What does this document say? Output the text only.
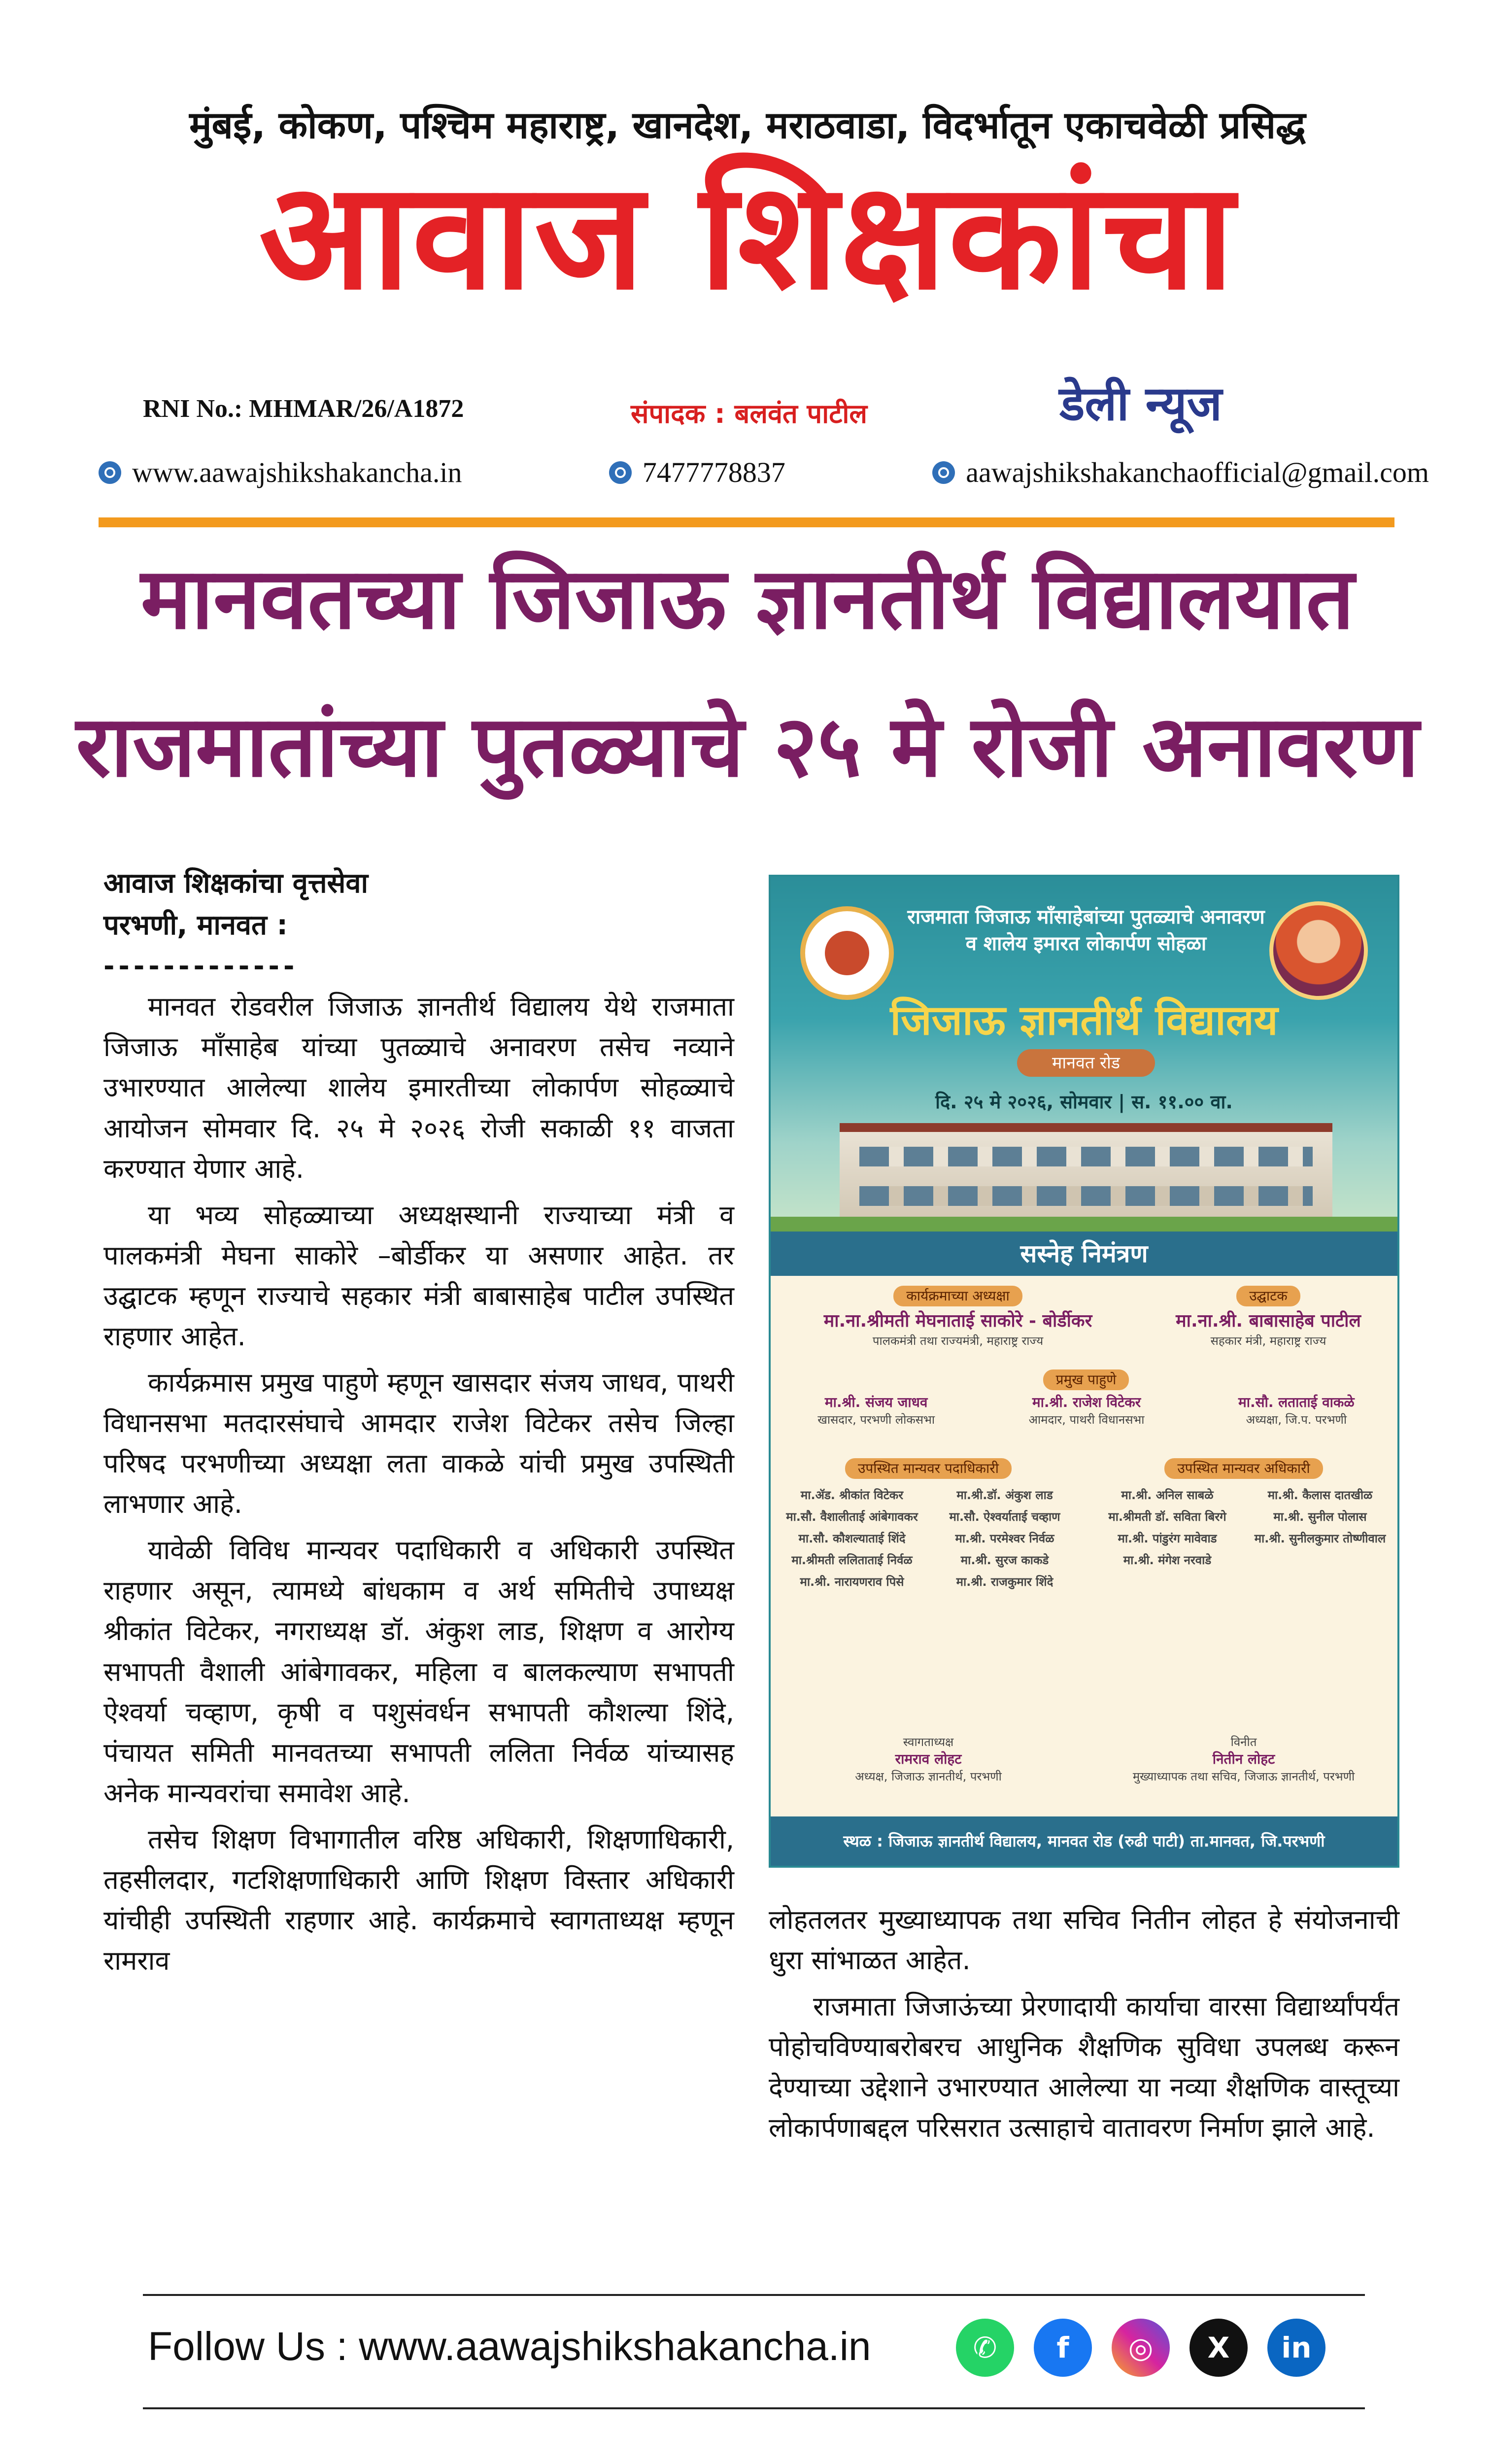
मुंबई, कोकण, पश्चिम महाराष्ट्र, खानदेश, मराठवाडा, विदर्भातून एकाचवेळी प्रसिद्ध
आवाज शिक्षकांचा
RNI No.: MHMAR/26/A1872	संपादक : बलवंत पाटील	डेली न्यूज
www.aawajshikshakancha.in	7477778837	aawajshikshakanchaofficial@gmail.com
मानवतच्या जिजाऊ ज्ञानतीर्थ विद्यालयात
राजमातांच्या पुतळ्याचे २५ मे रोजी अनावरण
आवाज शिक्षकांचा वृत्तसेवा
परभणी, मानवत :
-------------

मानवत रोडवरील जिजाऊ ज्ञानतीर्थ विद्यालय येथे राजमाता जिजाऊ माँसाहेब यांच्या पुतळ्याचे अनावरण तसेच नव्याने उभारण्यात आलेल्या शालेय इमारतीच्या लोकार्पण सोहळ्याचे आयोजन सोमवार दि. २५ मे २०२६ रोजी सकाळी ११ वाजता करण्यात येणार आहे.

या भव्य सोहळ्याच्या अध्यक्षस्थानी राज्याच्या मंत्री व पालकमंत्री मेघना साकोरे –बोर्डीकर या असणार आहेत. तर उद्घाटक म्हणून राज्याचे सहकार मंत्री बाबासाहेब पाटील उपस्थित राहणार आहेत.

कार्यक्रमास प्रमुख पाहुणे म्हणून खासदार संजय जाधव, पाथरी विधानसभा मतदारसंघाचे आमदार राजेश विटेकर तसेच जिल्हा परिषद परभणीच्या अध्यक्षा लता वाकळे यांची प्रमुख उपस्थिती लाभणार आहे.

यावेळी विविध मान्यवर पदाधिकारी व अधिकारी उपस्थित राहणार असून, त्यामध्ये बांधकाम व अर्थ समितीचे उपाध्यक्ष श्रीकांत विटेकर, नगराध्यक्ष डॉ. अंकुश लाड, शिक्षण व आरोग्य सभापती वैशाली आंबेगावकर, महिला व बालकल्याण सभापती ऐश्वर्या चव्हाण, कृषी व पशुसंवर्धन सभापती कौशल्या शिंदे, पंचायत समिती मानवतच्या सभापती ललिता निर्वळ यांच्यासह अनेक मान्यवरांचा समावेश आहे.

तसेच शिक्षण विभागातील वरिष्ठ अधिकारी, शिक्षणाधिकारी, तहसीलदार, गटशिक्षणाधिकारी आणि शिक्षण विस्तार अधिकारी यांचीही उपस्थिती राहणार आहे. कार्यक्रमाचे स्वागताध्यक्ष म्हणून रामराव

राजमाता जिजाऊ माँसाहेबांच्या पुतळ्याचे अनावरण व शालेय इमारत लोकार्पण सोहळा
जिजाऊ ज्ञानतीर्थ विद्यालय
मानवत रोड
दि. २५ मे २०२६, सोमवार | स. ११.०० वा.
सस्नेह निमंत्रण
कार्यक्रमाच्या अध्यक्षा
मा.ना.श्रीमती मेघनाताई साकोरे - बोर्डीकर
पालकमंत्री तथा राज्यमंत्री, महाराष्ट्र राज्य
उद्घाटक
मा.ना.श्री. बाबासाहेब पाटील
सहकार मंत्री, महाराष्ट्र राज्य
प्रमुख पाहुणे
मा.श्री. संजय जाधव
खासदार, परभणी लोकसभा
मा.श्री. राजेश विटेकर
आमदार, पाथरी विधानसभा
मा.सौ. लताताई वाकळे
अध्यक्षा, जि.प. परभणी
उपस्थित मान्यवर पदाधिकारी	उपस्थित मान्यवर अधिकारी
मा.ॲड. श्रीकांत विटेकर	मा.श्री.डॉ. अंकुश लाड
मा.सौ. वैशालीताई आंबेगावकर	मा.सौ. ऐश्वर्याताई चव्हाण
मा.सौ. कौशल्याताई शिंदे	मा.श्री. परमेश्वर निर्वळ
मा.श्रीमती ललिताताई निर्वळ	मा.श्री. सुरज काकडे
मा.श्री. नारायणराव पिसे	मा.श्री. राजकुमार शिंदे
मा.श्री. अनिल साबळे	मा.श्री. कैलास दातखीळ
मा.श्रीमती डॉ. सविता बिरगे	मा.श्री. सुनील पोलास
मा.श्री. पांडुरंग मावेवाड	मा.श्री. सुनीलकुमार तोष्णीवाल
मा.श्री. मंगेश नरवाडे
स्वागताध्यक्ष
रामराव लोहट
अध्यक्ष, जिजाऊ ज्ञानतीर्थ, परभणी
विनीत
नितीन लोहट
मुख्याध्यापक तथा सचिव, जिजाऊ ज्ञानतीर्थ, परभणी
स्थळ : जिजाऊ ज्ञानतीर्थ विद्यालय, मानवत रोड (रुढी पाटी) ता.मानवत, जि.परभणी

लोहतलतर मुख्याध्यापक तथा सचिव नितीन लोहत हे संयोजनाची धुरा सांभाळत आहेत.

राजमाता जिजाऊंच्या प्रेरणादायी कार्याचा वारसा विद्यार्थ्यांपर्यंत पोहोचविण्याबरोबरच आधुनिक शैक्षणिक सुविधा उपलब्ध करून देण्याच्या उद्देशाने उभारण्यात आलेल्या या नव्या शैक्षणिक वास्तूच्या लोकार्पणाबद्दल परिसरात उत्साहाचे वातावरण निर्माण झाले आहे.

Follow Us : www.aawajshikshakancha.in	✆	f	◎	X	in
